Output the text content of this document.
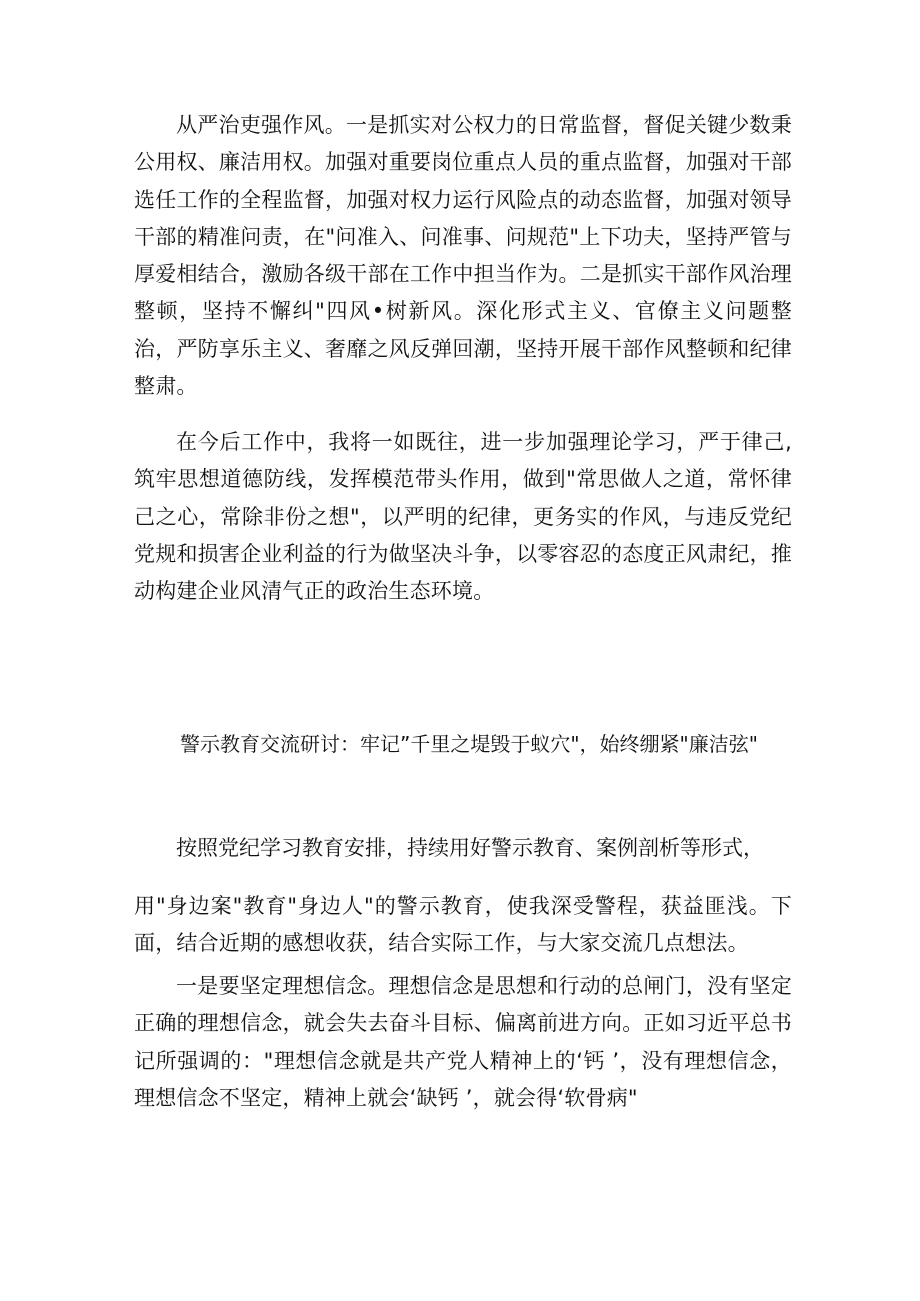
从严治吏强作风。一是抓实对公权力的日常监督，督促关键少数秉公用权、廉洁用权。加强对重要岗位重点人员的重点监督，加强对干部选任工作的全程监督，加强对权力运行风险点的动态监督，加强对领导干部的精准问责，在"问准入、问准事、问规范"上下功夫，坚持严管与厚爱相结合，激励各级干部在工作中担当作为。二是抓实干部作风治理整顿，坚持不懈纠"四风•树新风。深化形式主义、官僚主义问题整治，严防享乐主义、奢靡之风反弹回潮，坚持开展干部作风整顿和纪律整肃。

在今后工作中，我将一如既往，进一步加强理论学习，严于律己,筑牢思想道德防线，发挥模范带头作用，做到"常思做人之道，常怀律己之心，常除非份之想"，以严明的纪律，更务实的作风，与违反党纪党规和损害企业利益的行为做坚决斗争，以零容忍的态度正风肃纪，推动构建企业风清气正的政治生态环境。

警示教育交流研讨：牢记”千里之堤毁于蚁穴"，始终绷紧"廉洁弦"

按照党纪学习教育安排，持续用好警示教育、案例剖析等形式，

用"身边案"教育"身边人"的警示教育，使我深受警程，获益匪浅。下面，结合近期的感想收获，结合实际工作，与大家交流几点想法。

一是要坚定理想信念。理想信念是思想和行动的总闸门，没有坚定正确的理想信念，就会失去奋斗目标、偏离前进方向。正如习近平总书记所强调的："理想信念就是共产党人精神上的‘钙 ’，没有理想信念，理想信念不坚定，精神上就会‘缺钙 ’，就会得‘软骨病"
